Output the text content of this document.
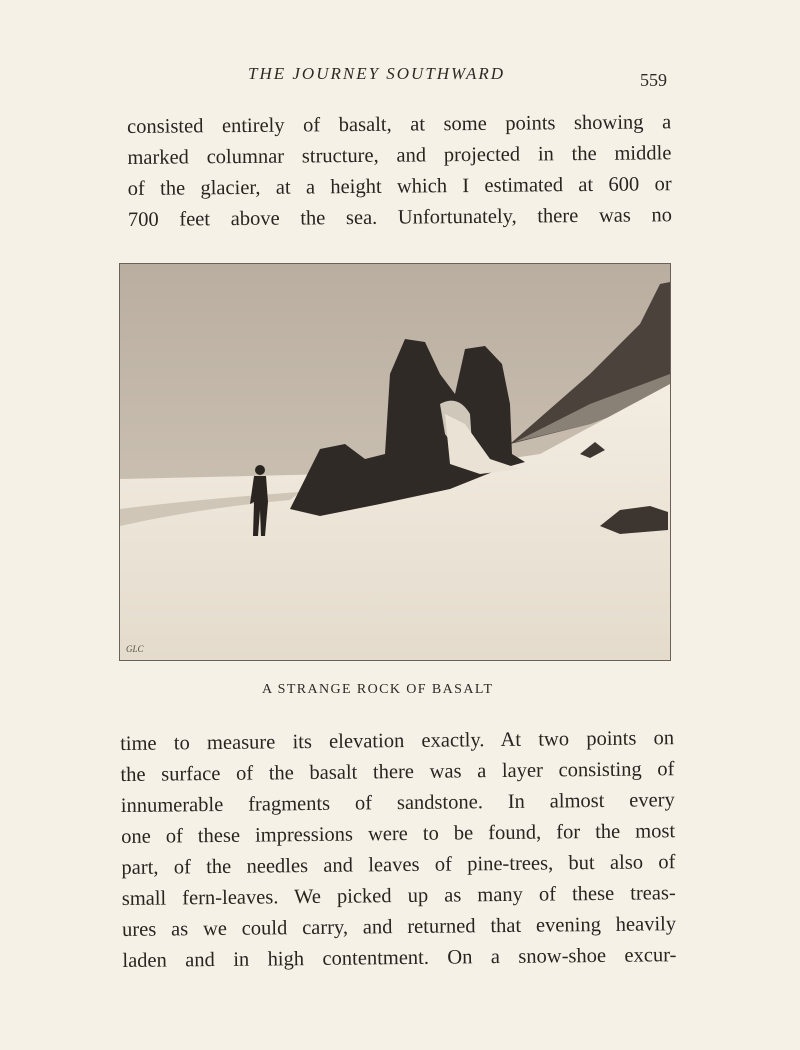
THE JOURNEY SOUTHWARD	559

consisted entirely of basalt, at some points showing a
marked columnar structure, and projected in the middle
of the glacier, at a height which I estimated at 600 or
700 feet above the sea. Unfortunately, there was no

GLC
A STRANGE ROCK OF BASALT

time to measure its elevation exactly. At two points on
the surface of the basalt there was a layer consisting of
innumerable fragments of sandstone. In almost every
one of these impressions were to be found, for the most
part, of the needles and leaves of pine-trees, but also of
small fern-leaves. We picked up as many of these treas-
ures as we could carry, and returned that evening heavily
laden and in high contentment. On a snow-shoe excur-
